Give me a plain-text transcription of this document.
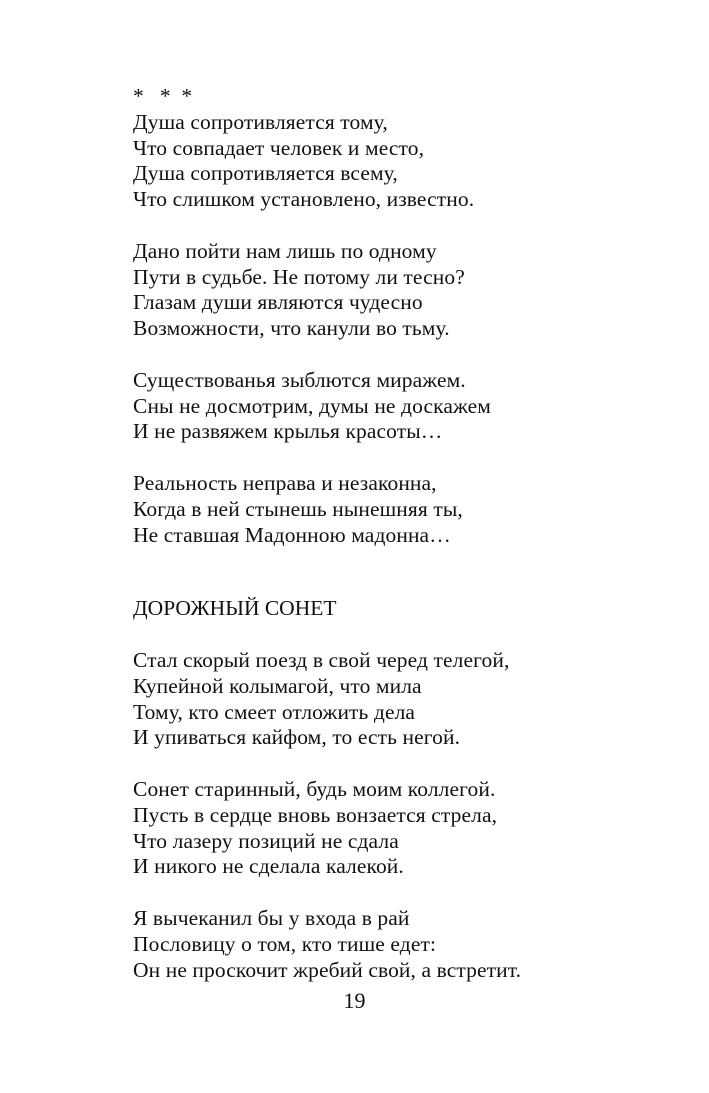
*   *  *
Душа сопротивляется тому,
Что совпадает человек и место,
Душа сопротивляется всему,
Что слишком установлено, известно.
Дано пойти нам лишь по одному
Пути в судьбе. Не потому ли тесно?
Глазам души являются чудесно
Возможности, что канули во тьму.
Существованья зыблются миражем.
Сны не досмотрим, думы не доскажем
И не развяжем крылья красоты…
Реальность неправа и незаконна,
Когда в ней стынешь нынешняя ты,
Не ставшая Мадонною мадонна…
ДОРОЖНЫЙ СОНЕТ
Стал скорый поезд в свой черед телегой,
Купейной колымагой, что мила
Тому, кто смеет отложить дела
И упиваться кайфом, то есть негой.
Сонет старинный, будь моим коллегой.
Пусть в сердце вновь вонзается стрела,
Что лазеру позиций не сдала
И никого не сделала калекой.
Я вычеканил бы у входа в рай
Пословицу о том, кто тише едет:
Он не проскочит жребий свой, а встретит.
19
